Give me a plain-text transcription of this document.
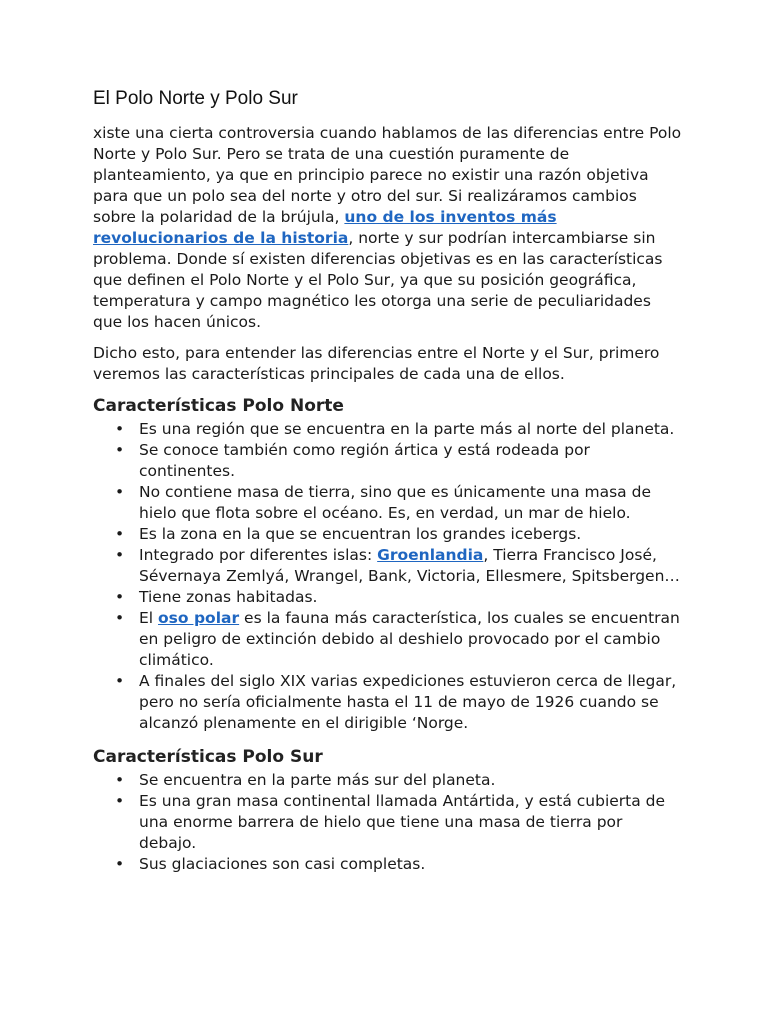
El Polo Norte y Polo Sur

xiste una cierta controversia cuando hablamos de las diferencias entre Polo Norte y Polo Sur. Pero se trata de una cuestión puramente de planteamiento, ya que en principio parece no existir una razón objetiva para que un polo sea del norte y otro del sur. Si realizáramos cambios sobre la polaridad de la brújula, uno de los inventos más revolucionarios de la historia, norte y sur podrían intercambiarse sin problema. Donde sí existen diferencias objetivas es en las características que definen el Polo Norte y el Polo Sur, ya que su posición geográfica, temperatura y campo magnético les otorga una serie de peculiaridades que los hacen únicos.

Dicho esto, para entender las diferencias entre el Norte y el Sur, primero veremos las características principales de cada una de ellos.

Características Polo Norte
• Es una región que se encuentra en la parte más al norte del planeta.
• Se conoce también como región ártica y está rodeada por continentes.
• No contiene masa de tierra, sino que es únicamente una masa de hielo que flota sobre el océano. Es, en verdad, un mar de hielo.
• Es la zona en la que se encuentran los grandes icebergs.
• Integrado por diferentes islas: Groenlandia, Tierra Francisco José, Sévernaya Zemlyá, Wrangel, Bank, Victoria, Ellesmere, Spitsbergen…
• Tiene zonas habitadas.
• El oso polar es la fauna más característica, los cuales se encuentran en peligro de extinción debido al deshielo provocado por el cambio climático.
• A finales del siglo XIX varias expediciones estuvieron cerca de llegar, pero no sería oficialmente hasta el 11 de mayo de 1926 cuando se alcanzó plenamente en el dirigible ‘Norge.
Características Polo Sur
• Se encuentra en la parte más sur del planeta.
• Es una gran masa continental llamada Antártida, y está cubierta de una enorme barrera de hielo que tiene una masa de tierra por debajo.
• Sus glaciaciones son casi completas.
